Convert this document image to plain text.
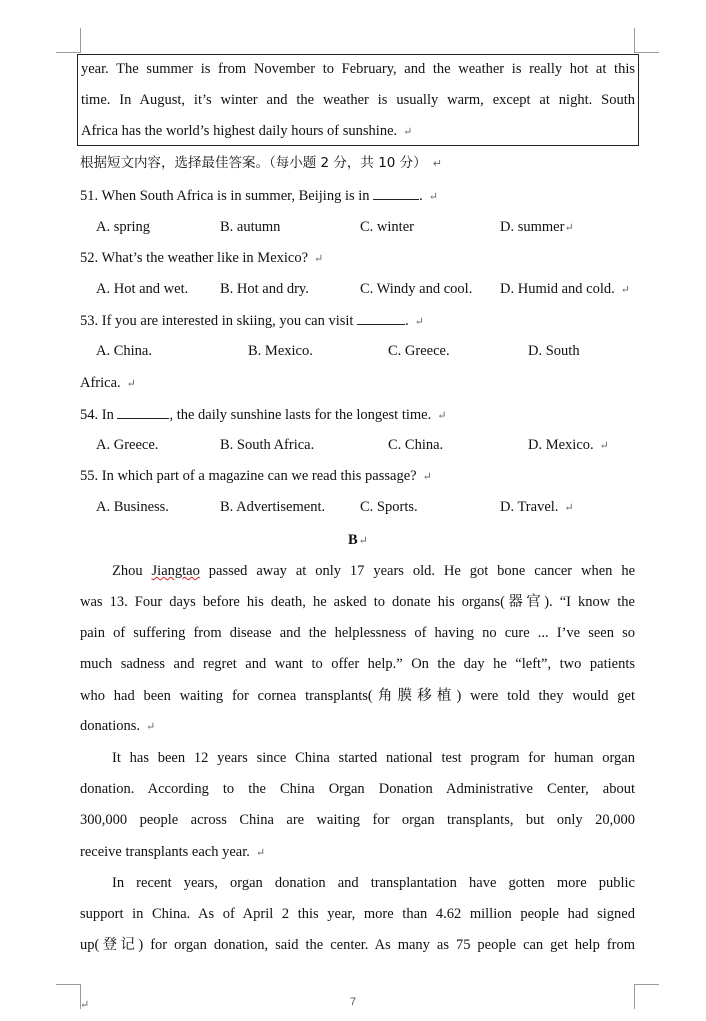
year. The summer is from November to February, and the weather is really hot at this
time. In August, it’s winter and the weather is usually warm, except at night. South
Africa has the world’s highest daily hours of sunshine. ↵
根据短文内容，选择最佳答案。（每小题 2 分，共 10 分） ↵
51. When South Africa is in summer, Beijing is in	. ↵
A. spring	B. autumn	C. winter	D. summer↵
52. What’s the weather like in Mexico? ↵
A. Hot and wet. B. Hot and dry.	C. Windy and cool. D. Humid and cold. ↵
53. If you are interested in skiing, you can visit	. ↵
A. China.	B. Mexico.	C. Greece.	D. South
Africa. ↵
54. In	, the daily sunshine lasts for the longest time. ↵
A. Greece.	B. South Africa.	C. China.	D. Mexico. ↵
55. In which part of a magazine can we read this passage? ↵
A. Business.	B. Advertisement. C. Sports.	D. Travel. ↵
B↵
Zhou Jiangtao passed away at only 17 years old. He got bone cancer when he
was 13. Four days before his death, he asked to donate his organs(器官). “I know the
pain of suffering from disease and the helplessness of having no cure ... I’ve seen so
much sadness and regret and want to offer help.” On the day he “left”, two patients
who had been waiting for cornea transplants(角膜移植) were told they would get
donations. ↵
It has been 12 years since China started national test program for human organ
donation. According to the China Organ Donation Administrative Center, about
300,000 people across China are waiting for organ transplants, but only 20,000
receive transplants each year. ↵
In recent years, organ donation and transplantation have gotten more public
support in China. As of April 2 this year, more than 4.62 million people had signed
up(登记) for organ donation, said the center. As many as 75 people can get help from
↵	7
